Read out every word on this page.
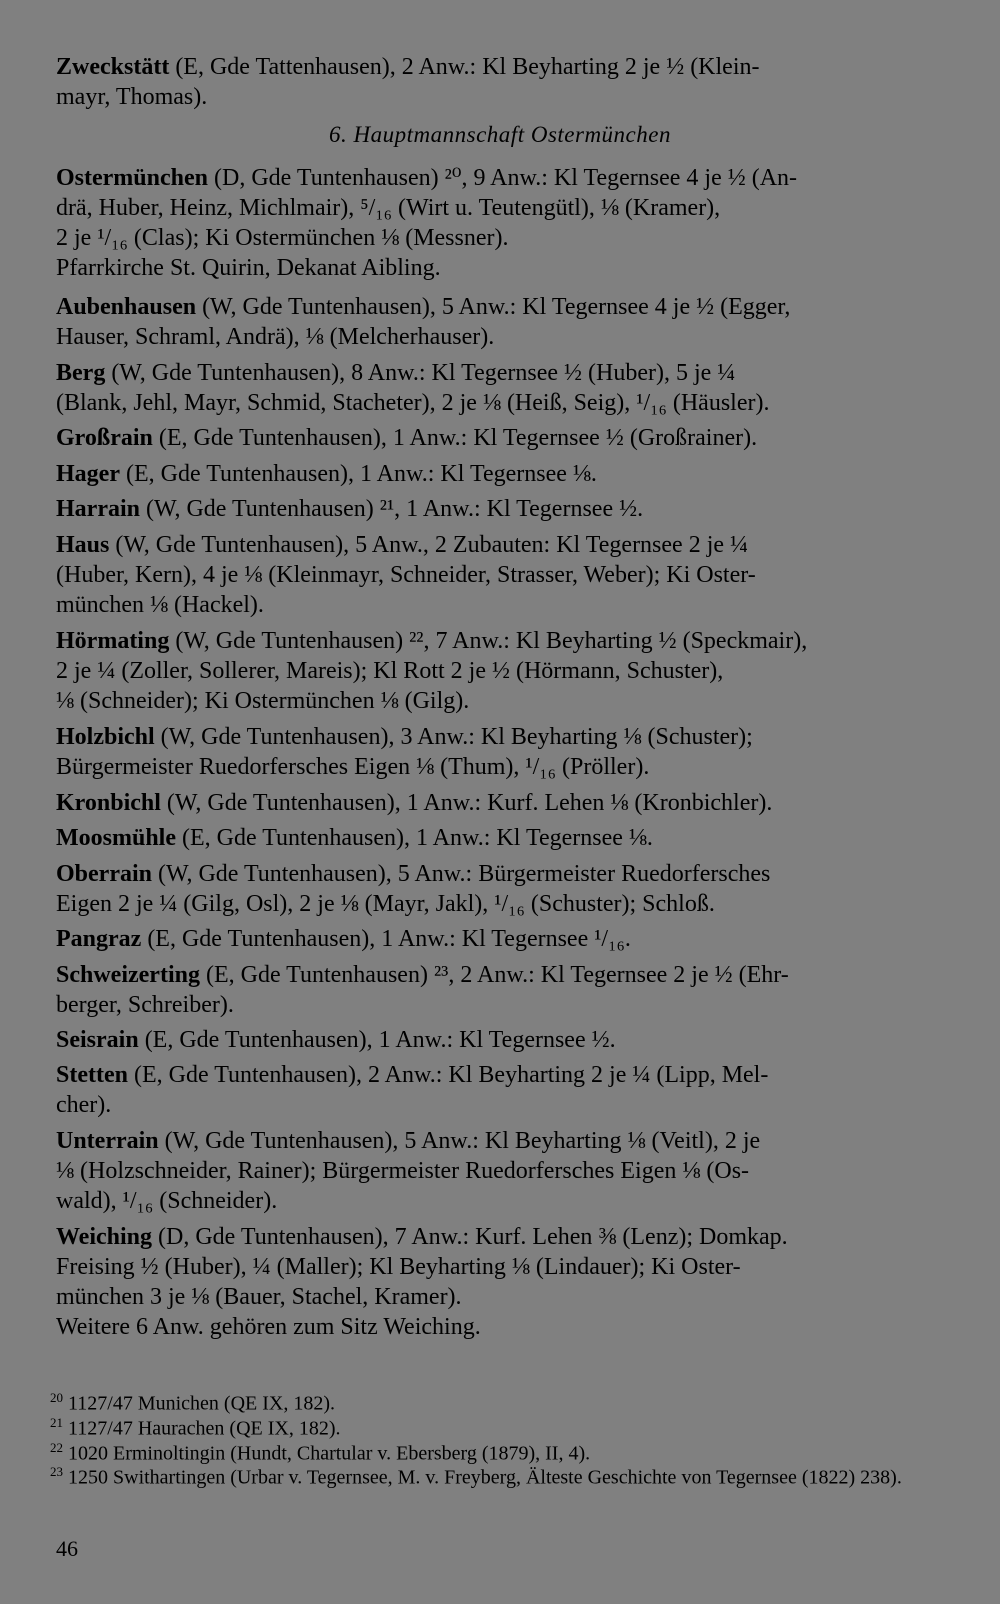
Zweckstätt (E, Gde Tattenhausen), 2 Anw.: Kl Beyharting 2 je ½ (Klein-
mayr, Thomas).
6. Hauptmannschaft Ostermünchen
Ostermünchen (D, Gde Tuntenhausen) ²⁰, 9 Anw.: Kl Tegernsee 4 je ½ (An-
drä, Huber, Heinz, Michlmair), ⁵/₁₆ (Wirt u. Teutengütl), ⅛ (Kramer),
2 je ¹/₁₆ (Clas); Ki Ostermünchen ⅛ (Messner).
Pfarrkirche St. Quirin, Dekanat Aibling.
Aubenhausen (W, Gde Tuntenhausen), 5 Anw.: Kl Tegernsee 4 je ½ (Egger,
Hauser, Schraml, Andrä), ⅛ (Melcherhauser).
Berg (W, Gde Tuntenhausen), 8 Anw.: Kl Tegernsee ½ (Huber), 5 je ¼
(Blank, Jehl, Mayr, Schmid, Stacheter), 2 je ⅛ (Heiß, Seig), ¹/₁₆ (Häusler).
Großrain (E, Gde Tuntenhausen), 1 Anw.: Kl Tegernsee ½ (Großrainer).
Hager (E, Gde Tuntenhausen), 1 Anw.: Kl Tegernsee ⅛.
Harrain (W, Gde Tuntenhausen) ²¹, 1 Anw.: Kl Tegernsee ½.
Haus (W, Gde Tuntenhausen), 5 Anw., 2 Zubauten: Kl Tegernsee 2 je ¼
(Huber, Kern), 4 je ⅛ (Kleinmayr, Schneider, Strasser, Weber); Ki Oster-
münchen ⅛ (Hackel).
Hörmating (W, Gde Tuntenhausen) ²², 7 Anw.: Kl Beyharting ½ (Speckmair),
2 je ¼ (Zoller, Sollerer, Mareis); Kl Rott 2 je ½ (Hörmann, Schuster),
⅛ (Schneider); Ki Ostermünchen ⅛ (Gilg).
Holzbichl (W, Gde Tuntenhausen), 3 Anw.: Kl Beyharting ⅛ (Schuster);
Bürgermeister Ruedorfersches Eigen ⅛ (Thum), ¹/₁₆ (Pröller).
Kronbichl (W, Gde Tuntenhausen), 1 Anw.: Kurf. Lehen ⅛ (Kronbichler).
Moosmühle (E, Gde Tuntenhausen), 1 Anw.: Kl Tegernsee ⅛.
Oberrain (W, Gde Tuntenhausen), 5 Anw.: Bürgermeister Ruedorfersches
Eigen 2 je ¼ (Gilg, Osl), 2 je ⅛ (Mayr, Jakl), ¹/₁₆ (Schuster); Schloß.
Pangraz (E, Gde Tuntenhausen), 1 Anw.: Kl Tegernsee ¹/₁₆.
Schweizerting (E, Gde Tuntenhausen) ²³, 2 Anw.: Kl Tegernsee 2 je ½ (Ehr-
berger, Schreiber).
Seisrain (E, Gde Tuntenhausen), 1 Anw.: Kl Tegernsee ½.
Stetten (E, Gde Tuntenhausen), 2 Anw.: Kl Beyharting 2 je ¼ (Lipp, Mel-
cher).
Unterrain (W, Gde Tuntenhausen), 5 Anw.: Kl Beyharting ⅛ (Veitl), 2 je
⅛ (Holzschneider, Rainer); Bürgermeister Ruedorfersches Eigen ⅛ (Os-
wald), ¹/₁₆ (Schneider).
Weiching (D, Gde Tuntenhausen), 7 Anw.: Kurf. Lehen ⅜ (Lenz); Domkap.
Freising ½ (Huber), ¼ (Maller); Kl Beyharting ⅛ (Lindauer); Ki Oster-
münchen 3 je ⅛ (Bauer, Stachel, Kramer).
Weitere 6 Anw. gehören zum Sitz Weiching.
$^{20}$ 1127/47 Munichen (QE IX, 182).
$^{21}$ 1127/47 Haurachen (QE IX, 182).
$^{22}$ 1020 Erminoltingin (Hundt, Chartular v. Ebersberg (1879), II, 4).
$^{23}$ 1250 Swithartingen (Urbar v. Tegernsee, M. v. Freyberg, Älteste Geschichte von Tegernsee (1822) 238).
46
